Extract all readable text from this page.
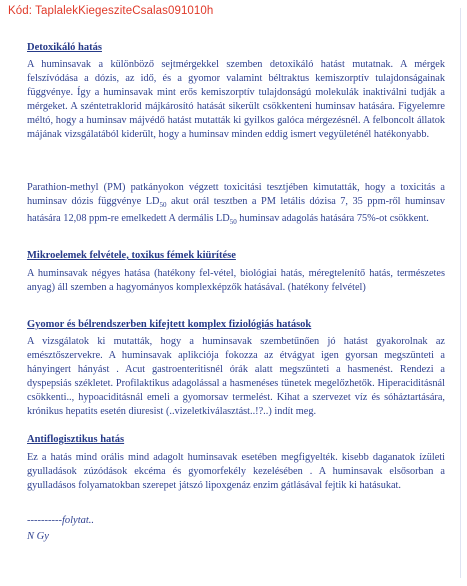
Kód: TaplalekKiegesziteCsalas091010h
Detoxikáló hatás
A huminsavak a különböző sejtmérgekkel szemben detoxikáló hatást mutatnak. A mérgek felszívódása a dózis, az idő, és a gyomor valamint béltraktus kemiszorptív tulajdonságainak függvénye. Így a huminsavak mint erős kemiszorptív tulajdonságú molekulák inaktiválni tudják a mérgeket. A széntetraklorid májkárosító hatását sikerült csökkenteni huminsav hatására. Figyelemre méltó, hogy a huminsav májvédő hatást mutatták ki gyilkos galóca mérgezésnél. A felboncolt állatok májának vizsgálatából kiderült, hogy a huminsav minden eddig ismert vegyületénél hatékonyabb.
Parathion-methyl (PM) patkányokon végzett toxicitási tesztjében kimutatták, hogy a toxicitás a huminsav dózis függvénye $LD_{50}$ akut orál tesztben a PM letális dózisa 7, 35 ppm-ről huminsav hatására 12,08 ppm-re emelkedett A dermális $LD_{50}$ huminsav adagolás hatására 75%-ot csökkent.
Mikroelemek felvétele, toxikus fémek kiürítése
A huminsavak négyes hatása (hatékony fel-vétel, biológiai hatás, méregtelenítő hatás, természetes anyag) áll szemben a hagyományos komplexképzők hatásával. (hatékony felvétel)
Gyomor és bélrendszerben kifejtett komplex fiziológiás hatások
A vizsgálatok ki mutatták, hogy a huminsavak szembetűnően jó hatást gyakorolnak az emésztőszervekre. A huminsavak aplikciója fokozza az étvágyat igen gyorsan megszünteti a hányingert hányást . Acut gastroenteritisnél órák alatt megszünteti a hasmenést. Rendezi a dyspepsiás székletet. Profilaktikus adagolással a hasmenéses tünetek megelőzhetők. Hiperaciditásnál csökkenti.., hypoaciditásnál emeli a gyomorsav termelést. Kihat a szervezet víz és sóháztartására, krónikus hepatits esetén diuresist (..vizeletkiválasztást..!?..) indít meg.
Antiflogisztikus hatás
Ez a hatás mind orális mind adagolt huminsavak esetében megfigyelték. kisebb daganatok ízületi gyulladások zúzódások ekcéma és gyomorfekély kezelésében . A huminsavak elsősorban a gyulladásos folyamatokban szerepet játszó lipoxgenáz enzim gátlásával fejtik ki hatásukat.
----------folytat..
N Gy
